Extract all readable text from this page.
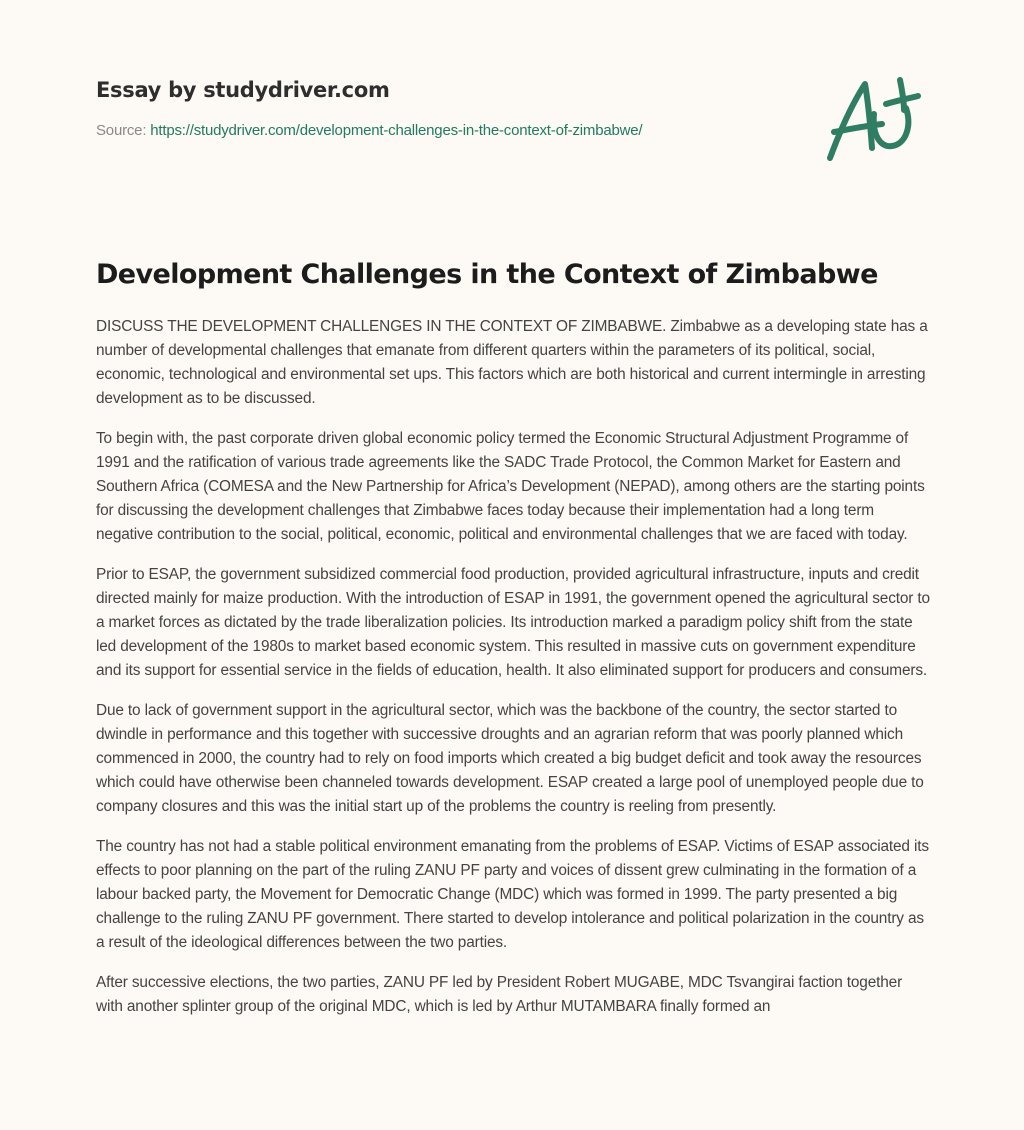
Essay by studydriver.com
Source: https://studydriver.com/development-challenges-in-the-context-of-zimbabwe/
Development Challenges in the Context of Zimbabwe

DISCUSS THE DEVELOPMENT CHALLENGES IN THE CONTEXT OF ZIMBABWE. Zimbabwe as a developing state has a number of developmental challenges that emanate from different quarters within the parameters of its political, social, economic, technological and environmental set ups. This factors which are both historical and current intermingle in arresting development as to be discussed.

To begin with, the past corporate driven global economic policy termed the Economic Structural Adjustment Programme of 1991 and the ratification of various trade agreements like the SADC Trade Protocol, the Common Market for Eastern and Southern Africa (COMESA and the New Partnership for Africa’s Development (NEPAD), among others are the starting points for discussing the development challenges that Zimbabwe faces today because their implementation had a long term negative contribution to the social, political, economic, political and environmental challenges that we are faced with today.

Prior to ESAP, the government subsidized commercial food production, provided agricultural infrastructure, inputs and credit directed mainly for maize production. With the introduction of ESAP in 1991, the government opened the agricultural sector to a market forces as dictated by the trade liberalization policies. Its introduction marked a paradigm policy shift from the state led development of the 1980s to market based economic system. This resulted in massive cuts on government expenditure and its support for essential service in the fields of education, health. It also eliminated support for producers and consumers.

Due to lack of government support in the agricultural sector, which was the backbone of the country, the sector started to dwindle in performance and this together with successive droughts and an agrarian reform that was poorly planned which commenced in 2000, the country had to rely on food imports which created a big budget deficit and took away the resources which could have otherwise been channeled towards development. ESAP created a large pool of unemployed people due to company closures and this was the initial start up of the problems the country is reeling from presently.

The country has not had a stable political environment emanating from the problems of ESAP. Victims of ESAP associated its effects to poor planning on the part of the ruling ZANU PF party and voices of dissent grew culminating in the formation of a labour backed party, the Movement for Democratic Change (MDC) which was formed in 1999. The party presented a big challenge to the ruling ZANU PF government. There started to develop intolerance and political polarization in the country as a result of the ideological differences between the two parties.

After successive elections, the two parties, ZANU PF led by President Robert MUGABE, MDC Tsvangirai faction together with another splinter group of the original MDC, which is led by Arthur MUTAMBARA finally formed an
